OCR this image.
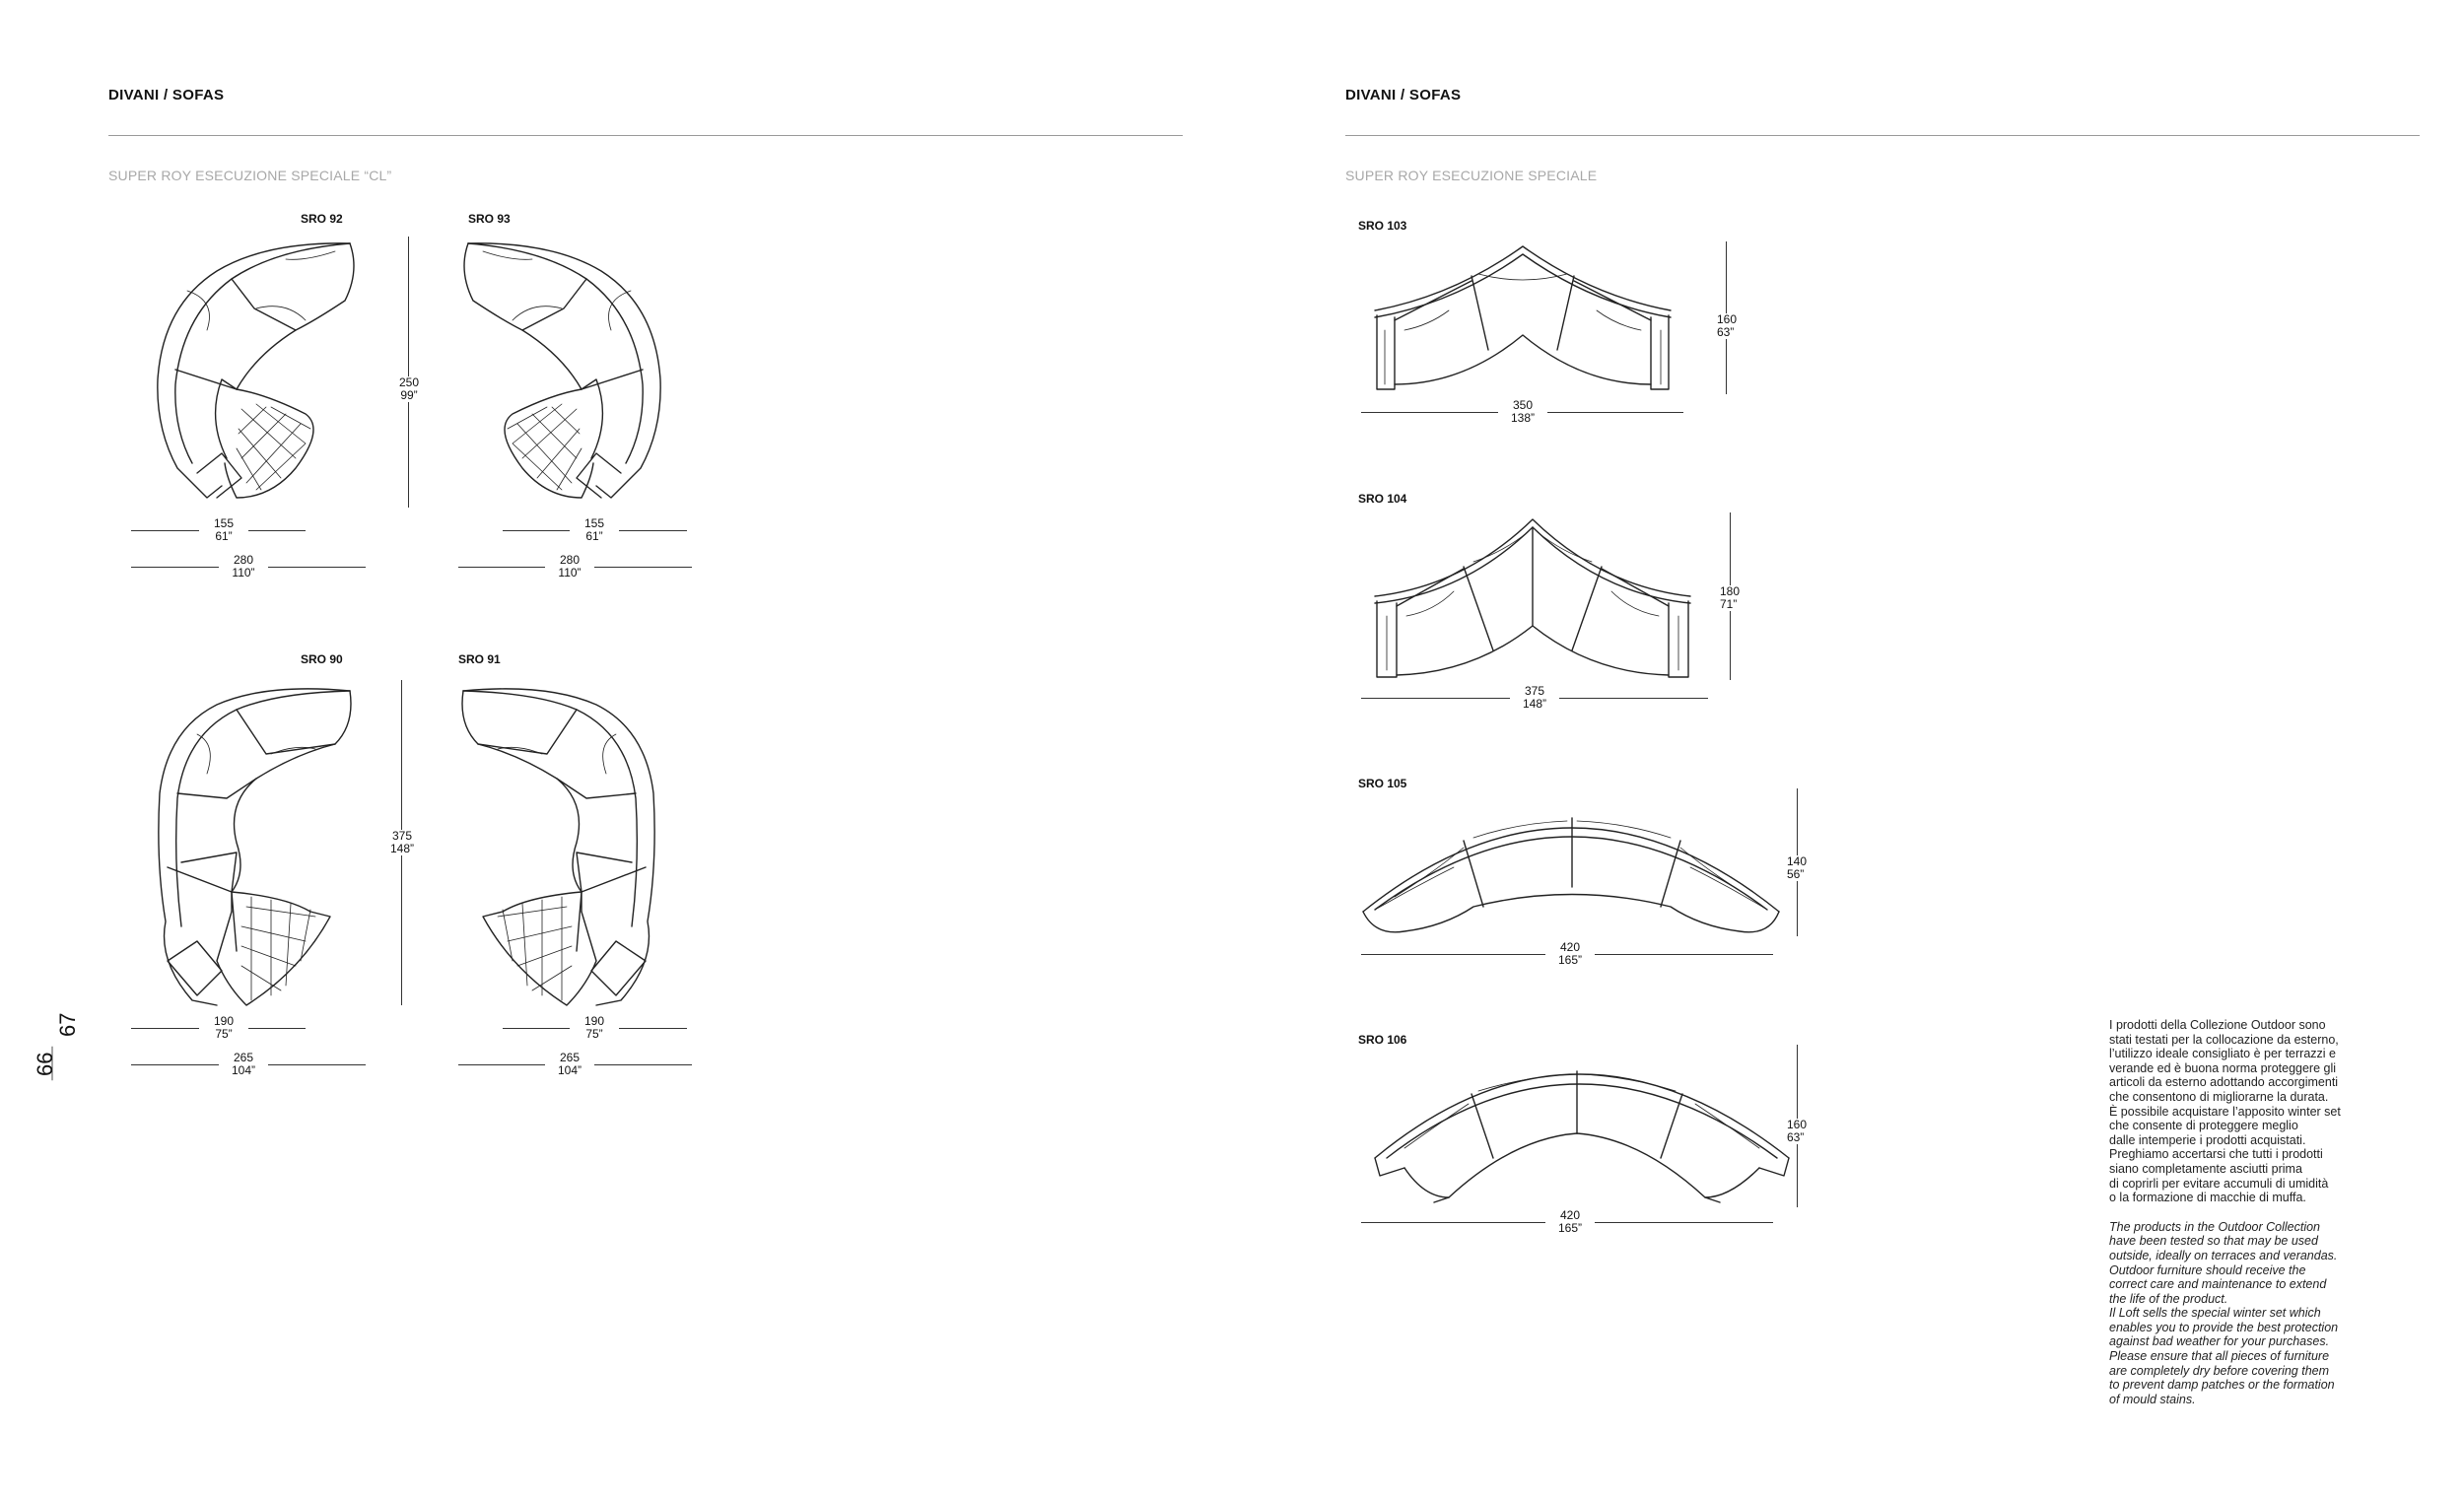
DIVANI / SOFAS
SUPER ROY ESECUZIONE SPECIALE “CL”
SRO 92	SRO 93
250
99”
155
61”
280
110”
155
61”
280
110”
SRO 90	SRO 91
375
148”
190
75”
265
104”
190
75”
265
104”
66
67
DIVANI / SOFAS
SUPER ROY ESECUZIONE SPECIALE
SRO 103
160
63”
350
138”
SRO 104
180
71”
375
148”
SRO 105
140
56”
420
165”
SRO 106
160
63”
420
165”

I prodotti della Collezione Outdoor sono
stati testati per la collocazione da esterno,
l’utilizzo ideale consigliato è per terrazzi e
verande ed è buona norma proteggere gli
articoli da esterno adottando accorgimenti
che consentono di migliorarne la durata.
È possibile acquistare l’apposito winter set
che consente di proteggere meglio
dalle intemperie i prodotti acquistati.
Preghiamo accertarsi che tutti i prodotti
siano completamente asciutti prima
di coprirli per evitare accumuli di umidità
o la formazione di macchie di muffa.

The products in the Outdoor Collection
have been tested so that may be used
outside, ideally on terraces and verandas.
Outdoor furniture should receive the
correct care and maintenance to extend
the life of the product.
Il Loft sells the special winter set which
enables you to provide the best protection
against bad weather for your purchases.
Please ensure that all pieces of furniture
are completely dry before covering them
to prevent damp patches or the formation
of mould stains.
